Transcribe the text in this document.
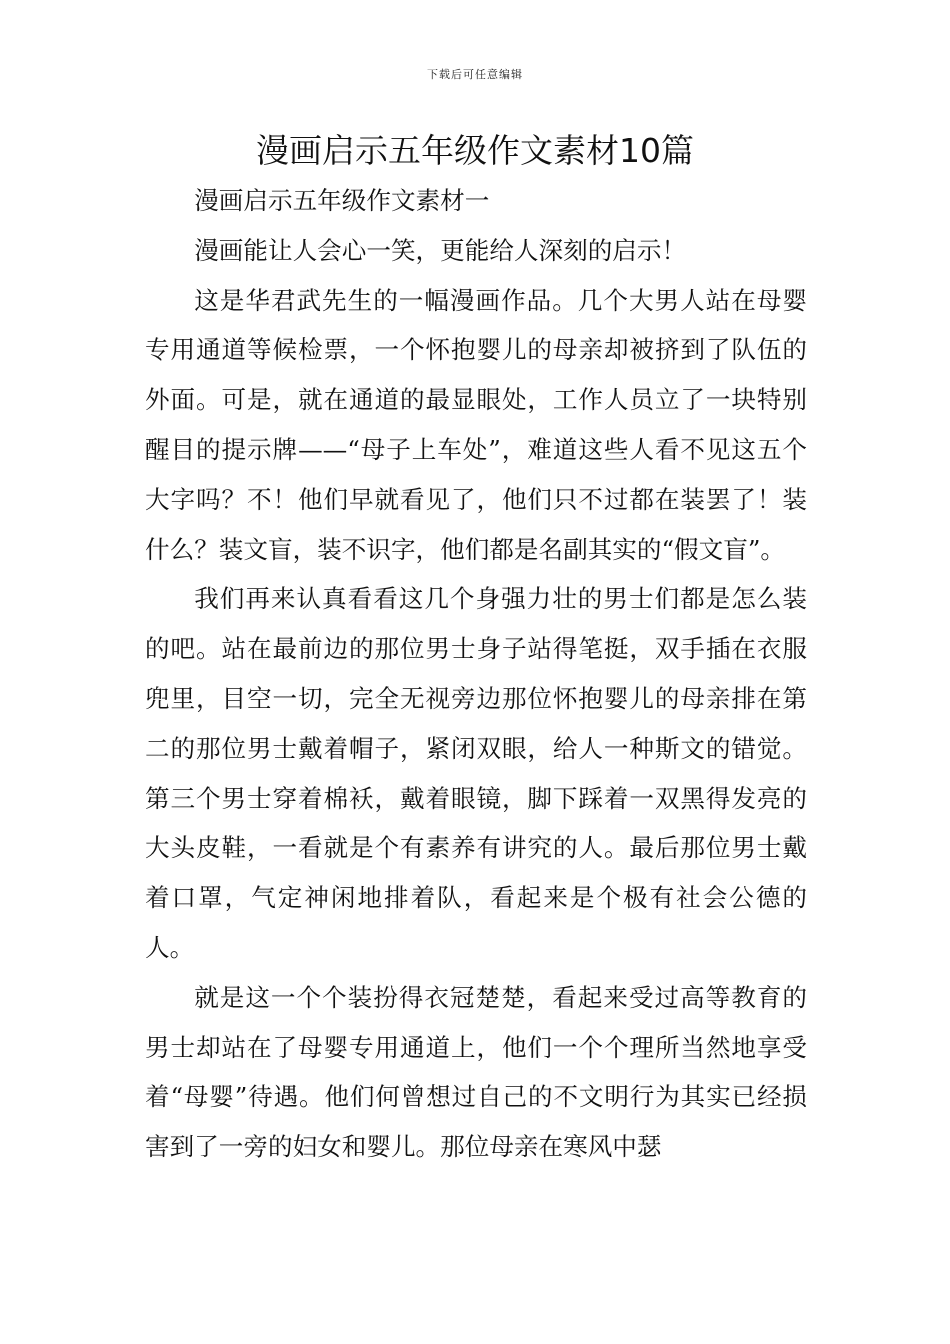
下载后可任意编辑
漫画启示五年级作文素材10篇

漫画启示五年级作文素材一

漫画能让人会心一笑，更能给人深刻的启示！

这是华君武先生的一幅漫画作品。几个大男人站在母婴专用通道等候检票，一个怀抱婴儿的母亲却被挤到了队伍的外面。可是，就在通道的最显眼处，工作人员立了一块特别醒目的提示牌——“母子上车处”，难道这些人看不见这五个大字吗？不！他们早就看见了，他们只不过都在装罢了！装什么？装文盲，装不识字，他们都是名副其实的“假文盲”。

我们再来认真看看这几个身强力壮的男士们都是怎么装的吧。站在最前边的那位男士身子站得笔挺，双手插在衣服兜里，目空一切，完全无视旁边那位怀抱婴儿的母亲排在第二的那位男士戴着帽子，紧闭双眼，给人一种斯文的错觉。第三个男士穿着棉袄，戴着眼镜，脚下踩着一双黑得发亮的大头皮鞋，一看就是个有素养有讲究的人。最后那位男士戴着口罩，气定神闲地排着队，看起来是个极有社会公德的人。

就是这一个个装扮得衣冠楚楚，看起来受过高等教育的男士却站在了母婴专用通道上，他们一个个理所当然地享受着“母婴”待遇。他们何曾想过自己的不文明行为其实已经损害到了一旁的妇女和婴儿。那位母亲在寒风中瑟
